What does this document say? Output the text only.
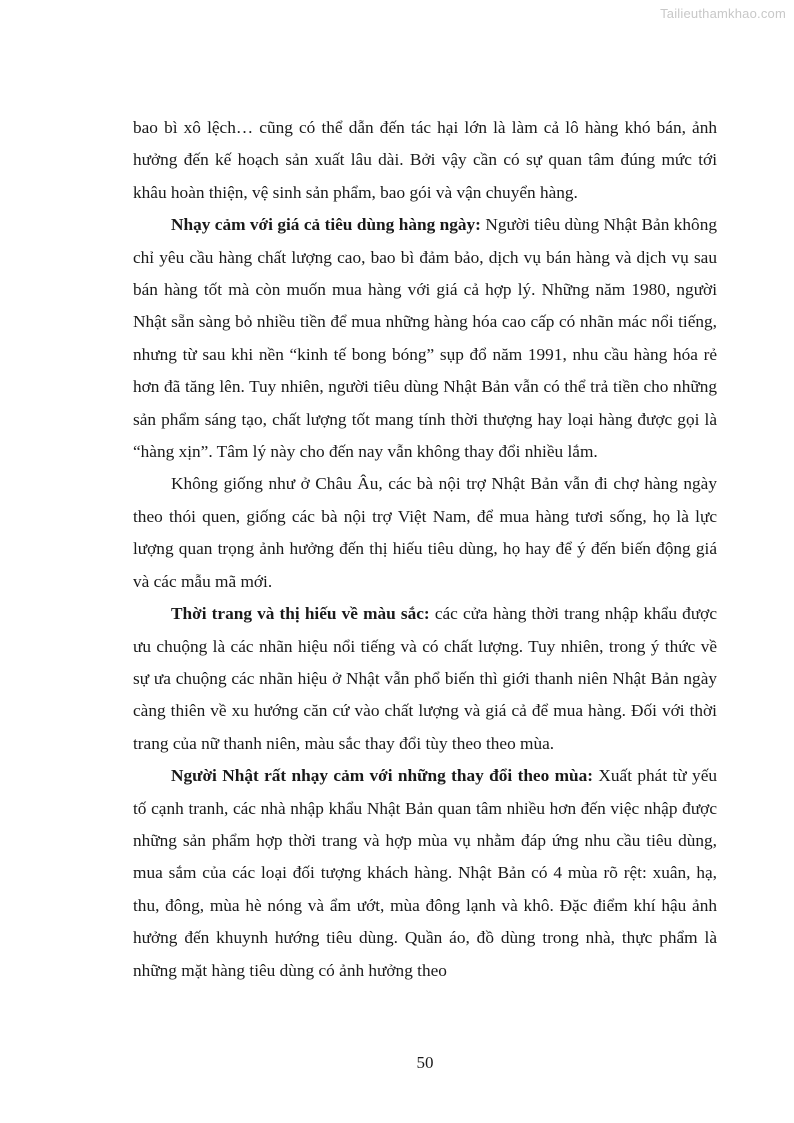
Tailieuthamkhao.com

bao bì xô lệch… cũng có thể dẫn đến tác hại lớn là làm cả lô hàng khó bán, ảnh hưởng đến kế hoạch sản xuất lâu dài. Bởi vậy cần có sự quan tâm đúng mức tới khâu hoàn thiện, vệ sinh sản phẩm, bao gói và vận chuyển hàng.

Nhạy cảm với giá cả tiêu dùng hàng ngày: Người tiêu dùng Nhật Bản không chỉ yêu cầu hàng chất lượng cao, bao bì đảm bảo, dịch vụ bán hàng và dịch vụ sau bán hàng tốt mà còn muốn mua hàng với giá cả hợp lý. Những năm 1980, người Nhật sẵn sàng bỏ nhiều tiền để mua những hàng hóa cao cấp có nhãn mác nổi tiếng, nhưng từ sau khi nền “kinh tế bong bóng” sụp đổ năm 1991, nhu cầu hàng hóa rẻ hơn đã tăng lên. Tuy nhiên, người tiêu dùng Nhật Bản vẫn có thể trả tiền cho những sản phẩm sáng tạo, chất lượng tốt mang tính thời thượng hay loại hàng được gọi là “hàng xịn”. Tâm lý này cho đến nay vẫn không thay đổi nhiều lắm.

Không giống như ở Châu Âu, các bà nội trợ Nhật Bản vẫn đi chợ hàng ngày theo thói quen, giống các bà nội trợ Việt Nam, để mua hàng tươi sống, họ là lực lượng quan trọng ảnh hưởng đến thị hiếu tiêu dùng, họ hay để ý đến biến động giá và các mẫu mã mới.

Thời trang và thị hiếu về màu sắc: các cửa hàng thời trang nhập khẩu được ưu chuộng là các nhãn hiệu nổi tiếng và có chất lượng. Tuy nhiên, trong ý thức về sự ưa chuộng các nhãn hiệu ở Nhật vẫn phổ biến thì giới thanh niên Nhật Bản ngày càng thiên về xu hướng căn cứ vào chất lượng và giá cả để mua hàng. Đối với thời trang của nữ thanh niên, màu sắc thay đổi tùy theo theo mùa.

Người Nhật rất nhạy cảm với những thay đổi theo mùa: Xuất phát từ yếu tố cạnh tranh, các nhà nhập khẩu Nhật Bản quan tâm nhiều hơn đến việc nhập được những sản phẩm hợp thời trang và hợp mùa vụ nhằm đáp ứng nhu cầu tiêu dùng, mua sắm của các loại đối tượng khách hàng. Nhật Bản có 4 mùa rõ rệt: xuân, hạ, thu, đông, mùa hè nóng và ẩm ướt, mùa đông lạnh và khô. Đặc điểm khí hậu ảnh hưởng đến khuynh hướng tiêu dùng. Quần áo, đồ dùng trong nhà, thực phẩm là những mặt hàng tiêu dùng có ảnh hưởng theo

50
